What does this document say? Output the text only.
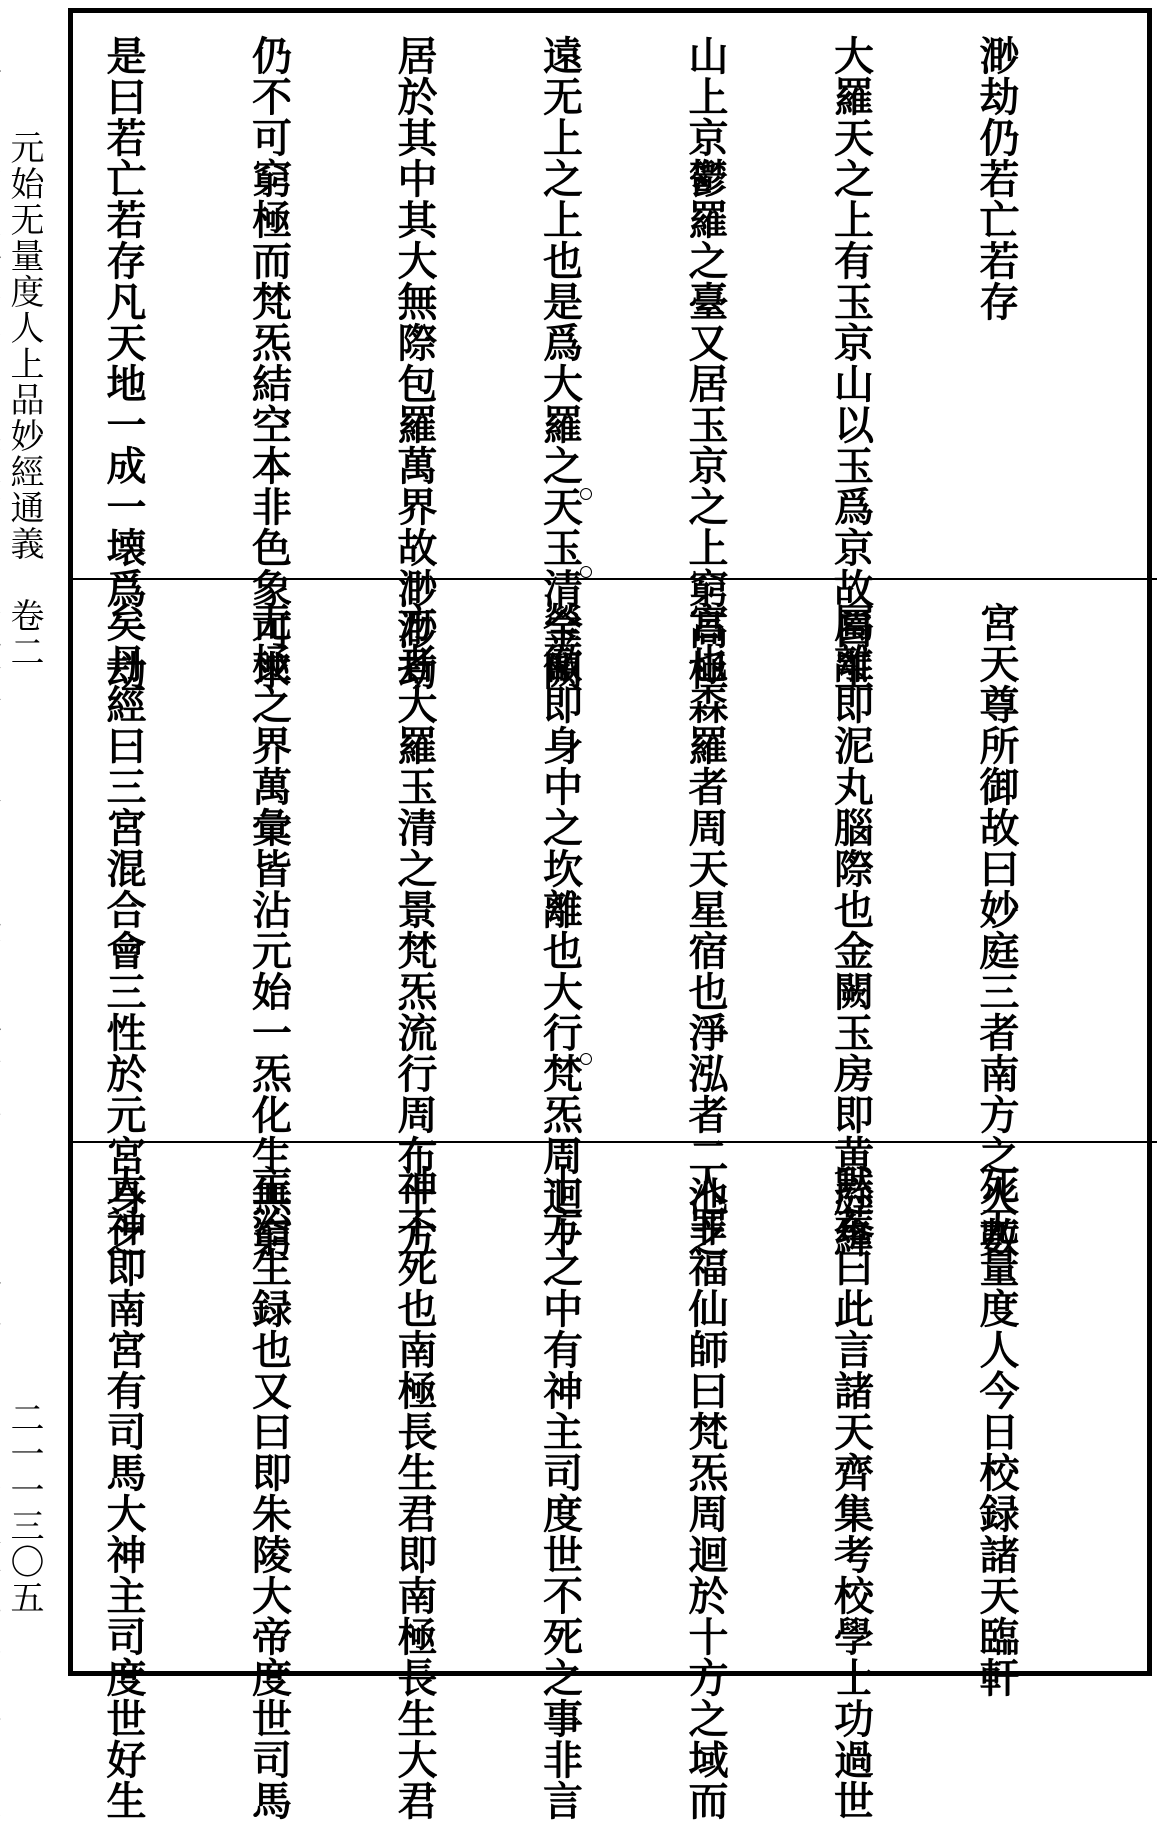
元始无量度人上品妙經通義　卷二
二一一三〇五

渺劫仍若亡若存

大羅天之上有玉京山以玉爲京故曰玉

山上京鬱羅之臺又居玉京之上窮高極

遠无上之上也是爲大羅之天玉清金闕

居於其中其大無際包羅萬界故渺渺劫

仍不可窮極而梵炁結空本非色象可求

是曰若亡若存凡天地一成一壊爲一劫

宮天尊所御故曰妙庭三者南方之火數

屬離即泥丸腦際也金闕玉房即黄庭絳

宮也森羅者周天星宿也淨泓者二池之

瑩徹即身中之坎離也大行梵炁周迴十

方者大羅玉清之景梵炁流行周布十方

无極之界萬彙皆沾元始一炁化生無窮

矣丹經曰三宮混合會三性於元宮身之

死无量度人今日校録諸天臨軒

黙菴曰此言諸天齊集考校學士功過世

人罪福仙師曰梵炁周迴於十方之域而

十方之中有神主司度世不死之事非言

神不死也南極長生君即南極長生大君

主治生録也又曰即朱陵大帝度世司馬

大神即南宮有司馬大神主司度世好生
